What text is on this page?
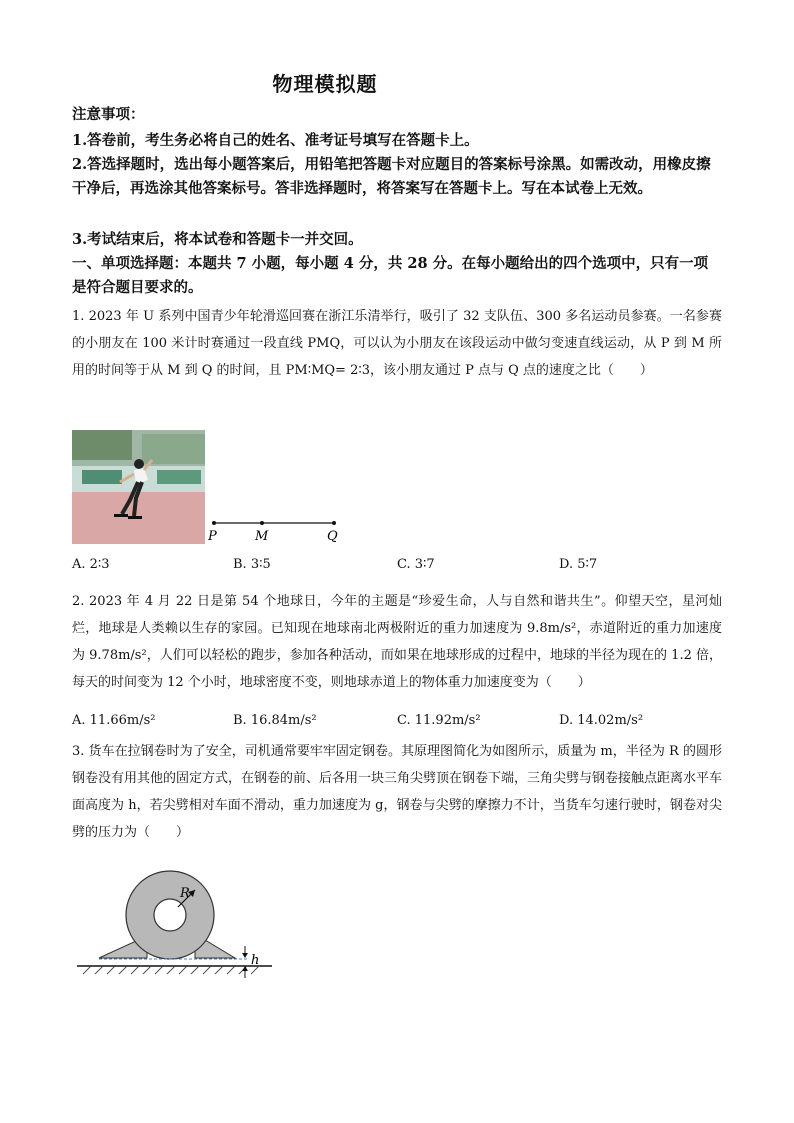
物理模拟题
注意事项：
1.答卷前，考生务必将自己的姓名、准考证号填写在答题卡上。
2.答选择题时，选出每小题答案后，用铅笔把答题卡对应题目的答案标号涂黑。如需改动，用橡皮擦干净后，再选涂其他答案标号。答非选择题时，将答案写在答题卡上。写在本试卷上无效。
3.考试结束后，将本试卷和答题卡一并交回。
一、单项选择题：本题共 7 小题，每小题 4 分，共 28 分。在每小题给出的四个选项中，只有一项是符合题目要求的。
1. 2023 年 U 系列中国青少年轮滑巡回赛在浙江乐清举行，吸引了 32 支队伍、300 多名运动员参赛。一名参赛的小朋友在 100 米计时赛通过一段直线 PMQ，可以认为小朋友在该段运动中做匀变速直线运动，从 P 到 M 所用的时间等于从 M 到 Q 的时间，且 PM∶MQ= 2∶3，该小朋友通过 P 点与 Q 点的速度之比（　　）
P	M	Q
A. 2∶3	B. 3∶5	C. 3∶7	D. 5∶7
2. 2023 年 4 月 22 日是第 54 个地球日，今年的主题是“珍爱生命，人与自然和谐共生”。仰望天空，星河灿烂，地球是人类赖以生存的家园。已知现在地球南北两极附近的重力加速度为 9.8m/s²，赤道附近的重力加速度为 9.78m/s²，人们可以轻松的跑步，参加各种活动，而如果在地球形成的过程中，地球的半径为现在的 1.2 倍，每天的时间变为 12 个小时，地球密度不变，则地球赤道上的物体重力加速度变为（　　）
A. 11.66m/s²	B. 16.84m/s²	C. 11.92m/s²	D. 14.02m/s²
3. 货车在拉钢卷时为了安全，司机通常要牢牢固定钢卷。其原理图简化为如图所示，质量为 m，半径为 R 的圆形钢卷没有用其他的固定方式，在钢卷的前、后各用一块三角尖劈顶在钢卷下端，三角尖劈与钢卷接触点距离水平车面高度为 h，若尖劈相对车面不滑动，重力加速度为 g，钢卷与尖劈的摩擦力不计，当货车匀速行驶时，钢卷对尖劈的压力为（　　）
R
h
